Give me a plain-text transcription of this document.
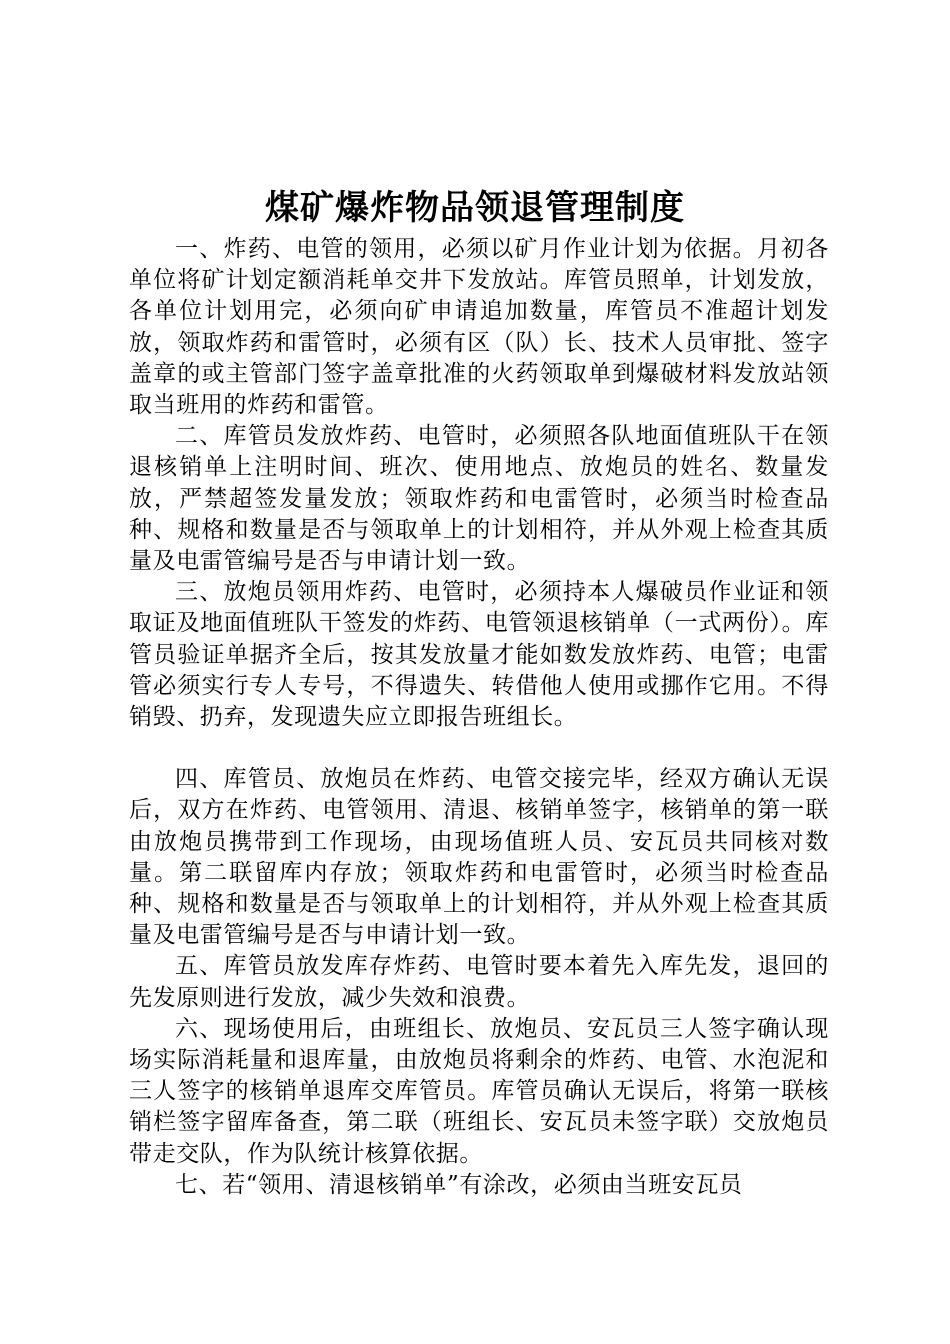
煤矿爆炸物品领退管理制度

一、炸药、电管的领用，必须以矿月作业计划为依据。月初各单位将矿计划定额消耗单交井下发放站。库管员照单，计划发放，各单位计划用完，必须向矿申请追加数量，库管员不准超计划发放，领取炸药和雷管时，必须有区（队）长、技术人员审批、签字盖章的或主管部门签字盖章批准的火药领取单到爆破材料发放站领取当班用的炸药和雷管。

二、库管员发放炸药、电管时，必须照各队地面值班队干在领退核销单上注明时间、班次、使用地点、放炮员的姓名、数量发放，严禁超签发量发放；领取炸药和电雷管时，必须当时检查品种、规格和数量是否与领取单上的计划相符，并从外观上检查其质量及电雷管编号是否与申请计划一致。

三、放炮员领用炸药、电管时，必须持本人爆破员作业证和领取证及地面值班队干签发的炸药、电管领退核销单（一式两份）。库管员验证单据齐全后，按其发放量才能如数发放炸药、电管；电雷管必须实行专人专号，不得遗失、转借他人使用或挪作它用。不得销毁、扔弃，发现遗失应立即报告班组长。

四、库管员、放炮员在炸药、电管交接完毕，经双方确认无误后，双方在炸药、电管领用、清退、核销单签字，核销单的第一联由放炮员携带到工作现场，由现场值班人员、安瓦员共同核对数量。第二联留库内存放；领取炸药和电雷管时，必须当时检查品种、规格和数量是否与领取单上的计划相符，并从外观上检查其质量及电雷管编号是否与申请计划一致。

五、库管员放发库存炸药、电管时要本着先入库先发，退回的先发原则进行发放，减少失效和浪费。

六、现场使用后，由班组长、放炮员、安瓦员三人签字确认现场实际消耗量和退库量，由放炮员将剩余的炸药、电管、水泡泥和三人签字的核销单退库交库管员。库管员确认无误后，将第一联核销栏签字留库备查，第二联（班组长、安瓦员未签字联）交放炮员带走交队，作为队统计核算依据。

七、若“领用、清退核销单”有涂改，必须由当班安瓦员
